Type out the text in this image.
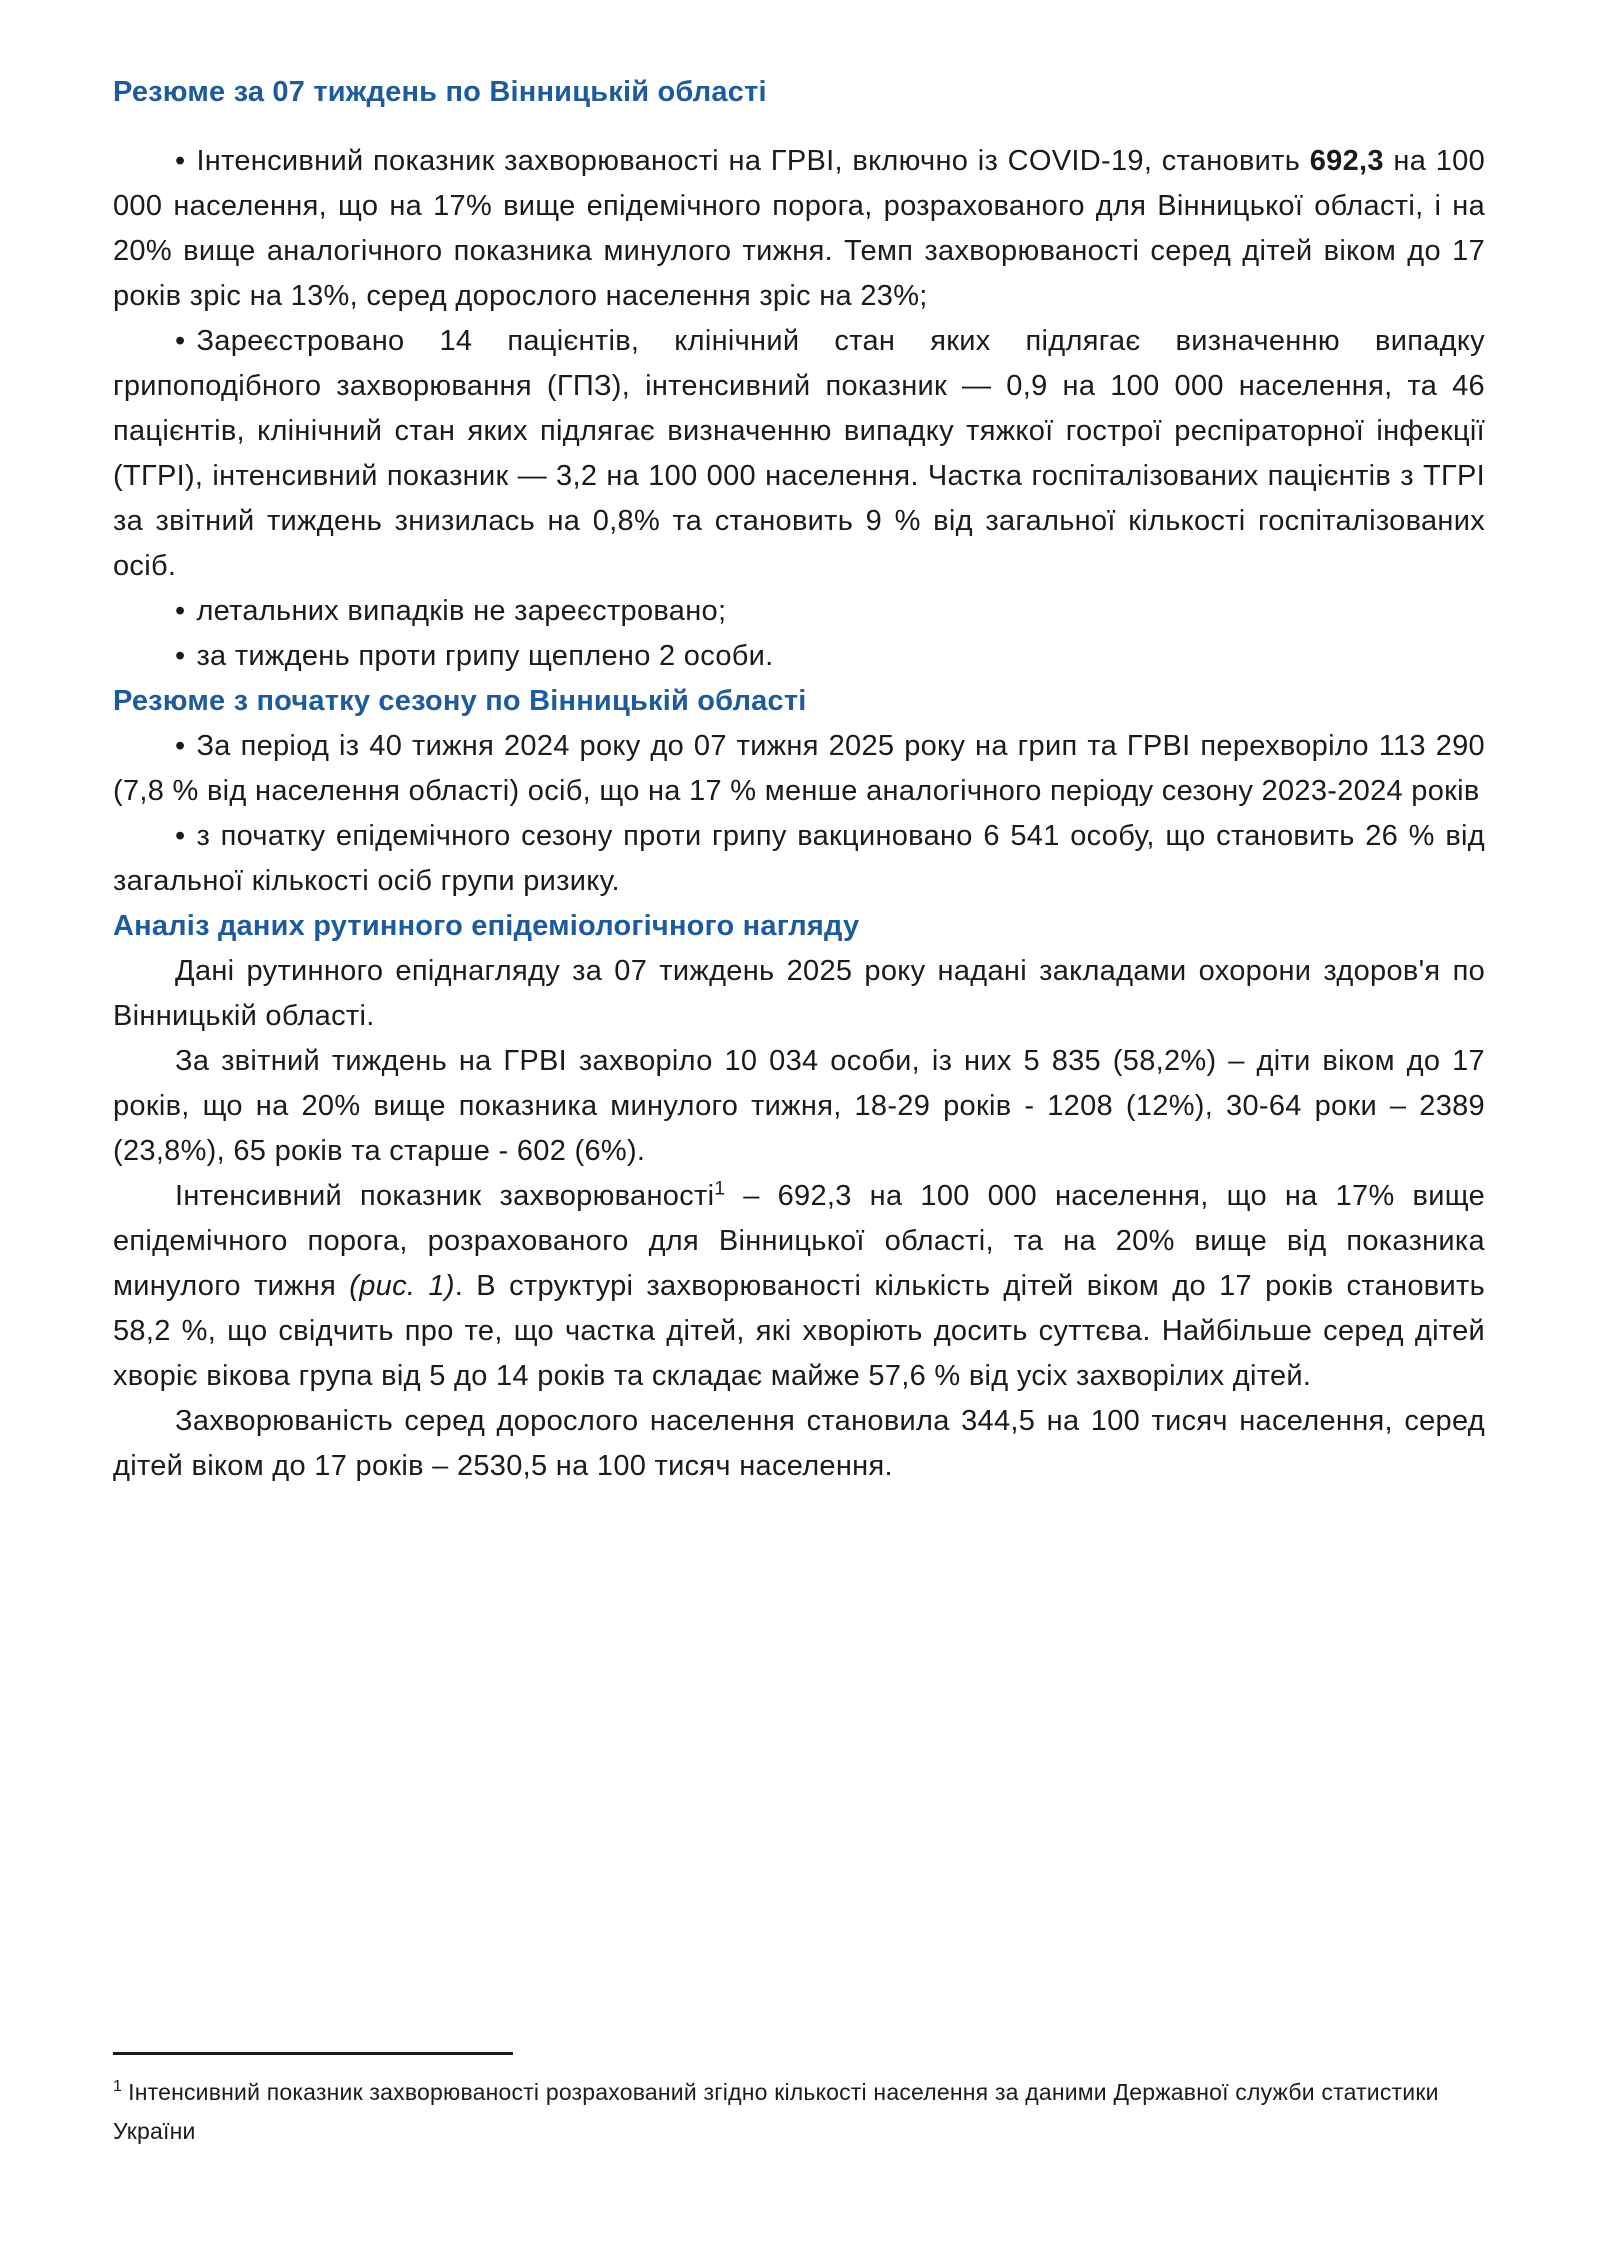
Резюме за 07 тиждень по Вінницькій області

• Інтенсивний показник захворюваності на ГРВІ, включно із COVID-19, становить 692,3 на 100 000 населення, що на 17% вище епідемічного порога, розрахованого для Вінницької області, і на 20% вище аналогічного показника минулого тижня. Темп захворюваності серед дітей віком до 17 років зріс на 13%, серед дорослого населення зріс на 23%;

• Зареєстровано 14 пацієнтів, клінічний стан яких підлягає визначенню випадку грипоподібного захворювання (ГПЗ), інтенсивний показник — 0,9 на 100 000 населення, та 46 пацієнтів, клінічний стан яких підлягає визначенню випадку тяжкої гострої респіраторної інфекції (ТГРІ), інтенсивний показник — 3,2 на 100 000 населення. Частка госпіталізованих пацієнтів з ТГРІ за звітний тиждень знизилась на 0,8% та становить 9 % від загальної кількості госпіталізованих осіб.

• летальних випадків не зареєстровано;

• за тиждень проти грипу щеплено 2 особи.

Резюме з початку сезону по Вінницькій області

• За період із 40 тижня 2024 року до 07 тижня 2025 року на грип та ГРВІ перехворіло 113 290 (7,8 % від населення області) осіб, що на 17 % менше аналогічного періоду сезону 2023-2024 років

• з початку епідемічного сезону проти грипу вакциновано 6 541 особу, що становить 26 % від загальної кількості осіб групи ризику.

Аналіз даних рутинного епідеміологічного нагляду

Дані рутинного епіднагляду за 07 тиждень 2025 року надані закладами охорони здоров'я по Вінницькій області.

За звітний тиждень на ГРВІ захворіло 10 034 особи, із них 5 835 (58,2%) – діти віком до 17 років, що на 20% вище показника минулого тижня, 18-29 років - 1208 (12%), 30-64 роки – 2389 (23,8%), 65 років та старше - 602 (6%).

Інтенсивний показник захворюваності$^1$ – 692,3 на 100 000 населення, що на 17% вище епідемічного порога, розрахованого для Вінницької області, та на 20% вище від показника минулого тижня (рис. 1). В структурі захворюваності кількість дітей віком до 17 років становить 58,2 %, що свідчить про те, що частка дітей, які хворіють досить суттєва. Найбільше серед дітей хворіє вікова група від 5 до 14 років та складає майже 57,6 % від усіх захворілих дітей.

Захворюваність серед дорослого населення становила 344,5 на 100 тисяч населення, серед дітей віком до 17 років – 2530,5 на 100 тисяч населення.

$^1$ Інтенсивний показник захворюваності розрахований згідно кількості населення за даними Державної служби статистики України
